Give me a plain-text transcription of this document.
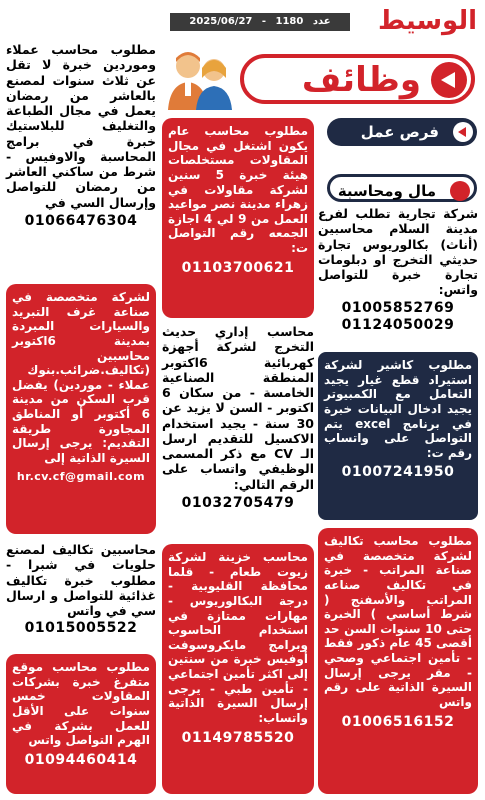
الوسيط
عدد 1180 - 2025/06/27
وظائف
فرص عمل
مال ومحاسبة
مطلوب محاسب عملاء وموردين خبرة لا تقل عن ثلاث سنوات لمصنع بالعاشر من رمضان يعمل في مجال الطباعة والتغليف للبلاستيك خبرة في برامج المحاسبة والاوفيس - شرط من ساكني العاشر من رمضان للتواصل وإرسال السي في
01066476304
لشركة متخصصة في صناعة غرف التبريد والسيارات المبردة بمدينة 6اكتوبر محاسبين (تكاليف.ضرائب.بنوك عملاء - موردين) يفضل قرب السكن من مدينة 6 أكتوبر أو المناطق المجاورة طريقة التقديم: يرجى إرسال السيرة الذاتية إلى
hr.cv.cf@gmail.com
محاسبين تكاليف لمصنع حلويات في شبرا - مطلوب خبرة تكاليف غذائية للتواصل و ارسال سي في واتس
01015005522
مطلوب محاسب موقع متفرغ خبرة بشركات المقاولات خمس سنوات على الأقل للعمل بشركة في الهرم التواصل واتس
01094460414
مطلوب محاسب عام يكون اشتغل في مجال المقاولات مستخلصات هيئة خبرة 5 سنين لشركة مقاولات في زهراء مدينة نصر مواعيد العمل من 9 لي 4 اجازة الجمعه رقم التواصل ت:
01103700621
محاسب إداري حديث التخرج لشركة أجهزة كهربائية 6اكتوبر المنطقة الصناعية الخامسة - من سكان 6 اكتوبر - السن لا يزيد عن 30 سنة - يجيد استخدام الاكسيل للتقديم ارسل الـ CV مع ذكر المسمى الوظيفي واتساب على الرقم التالي:
01032705479
محاسب خزينة لشركة زيوت طعام - قلما محافظة القليوبية - درجة البكالوريوس - مهارات ممتازة في استخدام الحاسوب وبرامج مايكروسوفت أوفيس خبرة من سنتين إلى اكثر تأمين اجتماعي - تأمين طبي - يرجى إرسال السيرة الذاتية واتساب:
01149785520
شركة تجارية تطلب لفرع مدينة السلام محاسبين (أناث) بكالوريوس تجارة حديثي التخرج او دبلومات تجارة خبرة للتواصل واتس:
01005852769
01124050029
مطلوب كاشير لشركة استيراد قطع غيار يجيد التعامل مع الكمبيوتر يجيد ادخال البيانات خبرة في برنامج excel يتم التواصل على واتساب رقم ت:
01007241950
مطلوب محاسب تكاليف لشركة متخصصة في صناعة المراتب - خبرة في تكاليف صناعه المراتب والأسفنج ( شرط أساسي ) الخبرة حتى 10 سنوات السن حد أقصى 45 عام ذكور فقط - تأمين اجتماعي وصحي - مقر يرجى إرسال السيرة الذاتية على رقم واتس
01006516152
